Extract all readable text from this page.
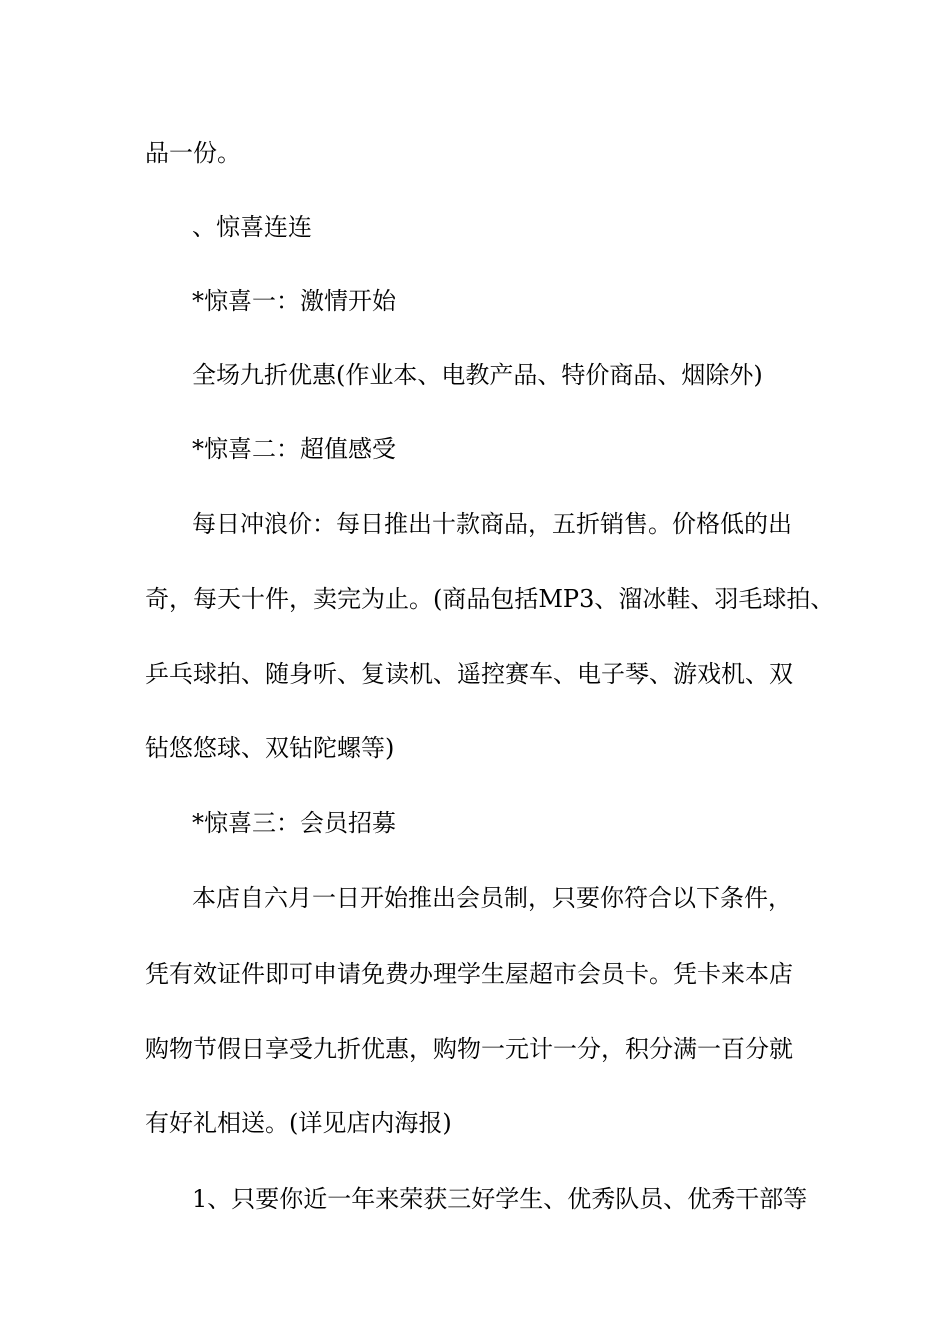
品一份。
、惊喜连连
*惊喜一：激情开始
全场九折优惠(作业本、电教产品、特价商品、烟除外)
*惊喜二：超值感受
每日冲浪价：每日推出十款商品，五折销售。价格低的出
奇，每天十件，卖完为止。(商品包括MP3、溜冰鞋、羽毛球拍、
乒乓球拍、随身听、复读机、遥控赛车、电子琴、游戏机、双
钻悠悠球、双钻陀螺等)
*惊喜三：会员招募
本店自六月一日开始推出会员制，只要你符合以下条件，
凭有效证件即可申请免费办理学生屋超市会员卡。凭卡来本店
购物节假日享受九折优惠，购物一元计一分，积分满一百分就
有好礼相送。(详见店内海报)
1、只要你近一年来荣获三好学生、优秀队员、优秀干部等
